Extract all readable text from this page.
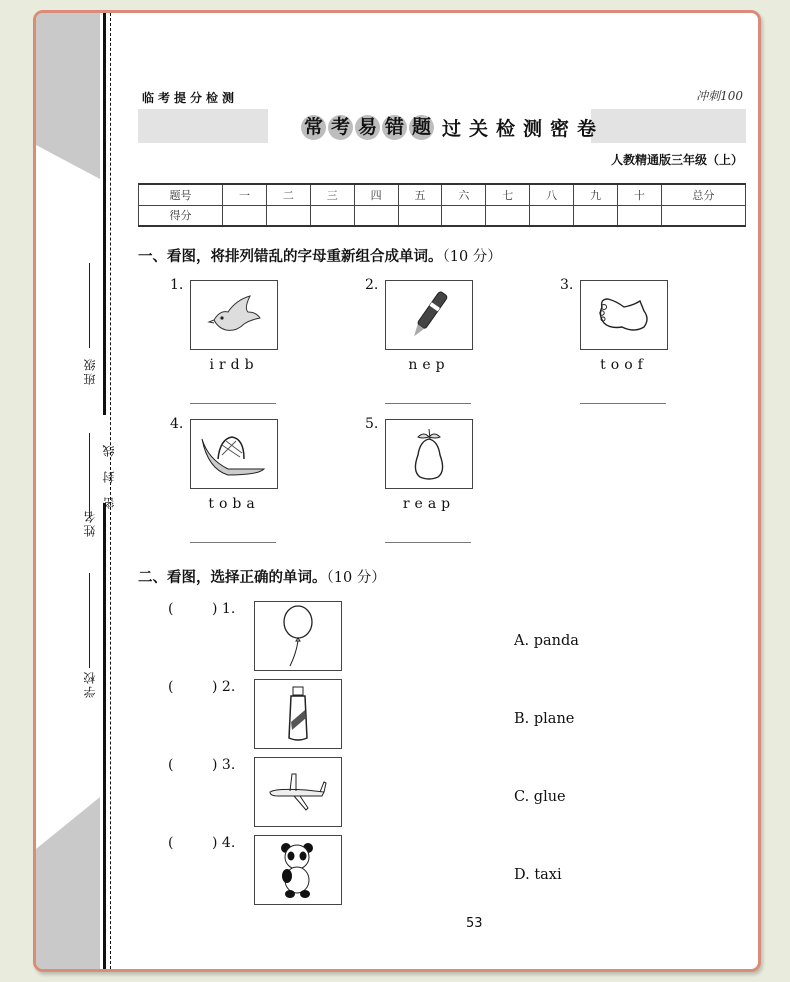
班级
姓名
密封线
学校
临考提分检测	冲刺100
常 考 易 错 题 过关检测密卷
人教精通版三年级（上）
题号	一	二	三	四	五	六	七	八	九	十	总分
得分											
一、看图，将排列错乱的字母重新组合成单词。（10 分）
1.
irdb
2.
nep
3.
toof
4.
toba
5.
reap
二、看图，选择正确的单词。（10 分）
(	) 1.
(	) 2.
(	) 3.
(	) 4.
A. panda
B. plane
C. glue
D. taxi
53
